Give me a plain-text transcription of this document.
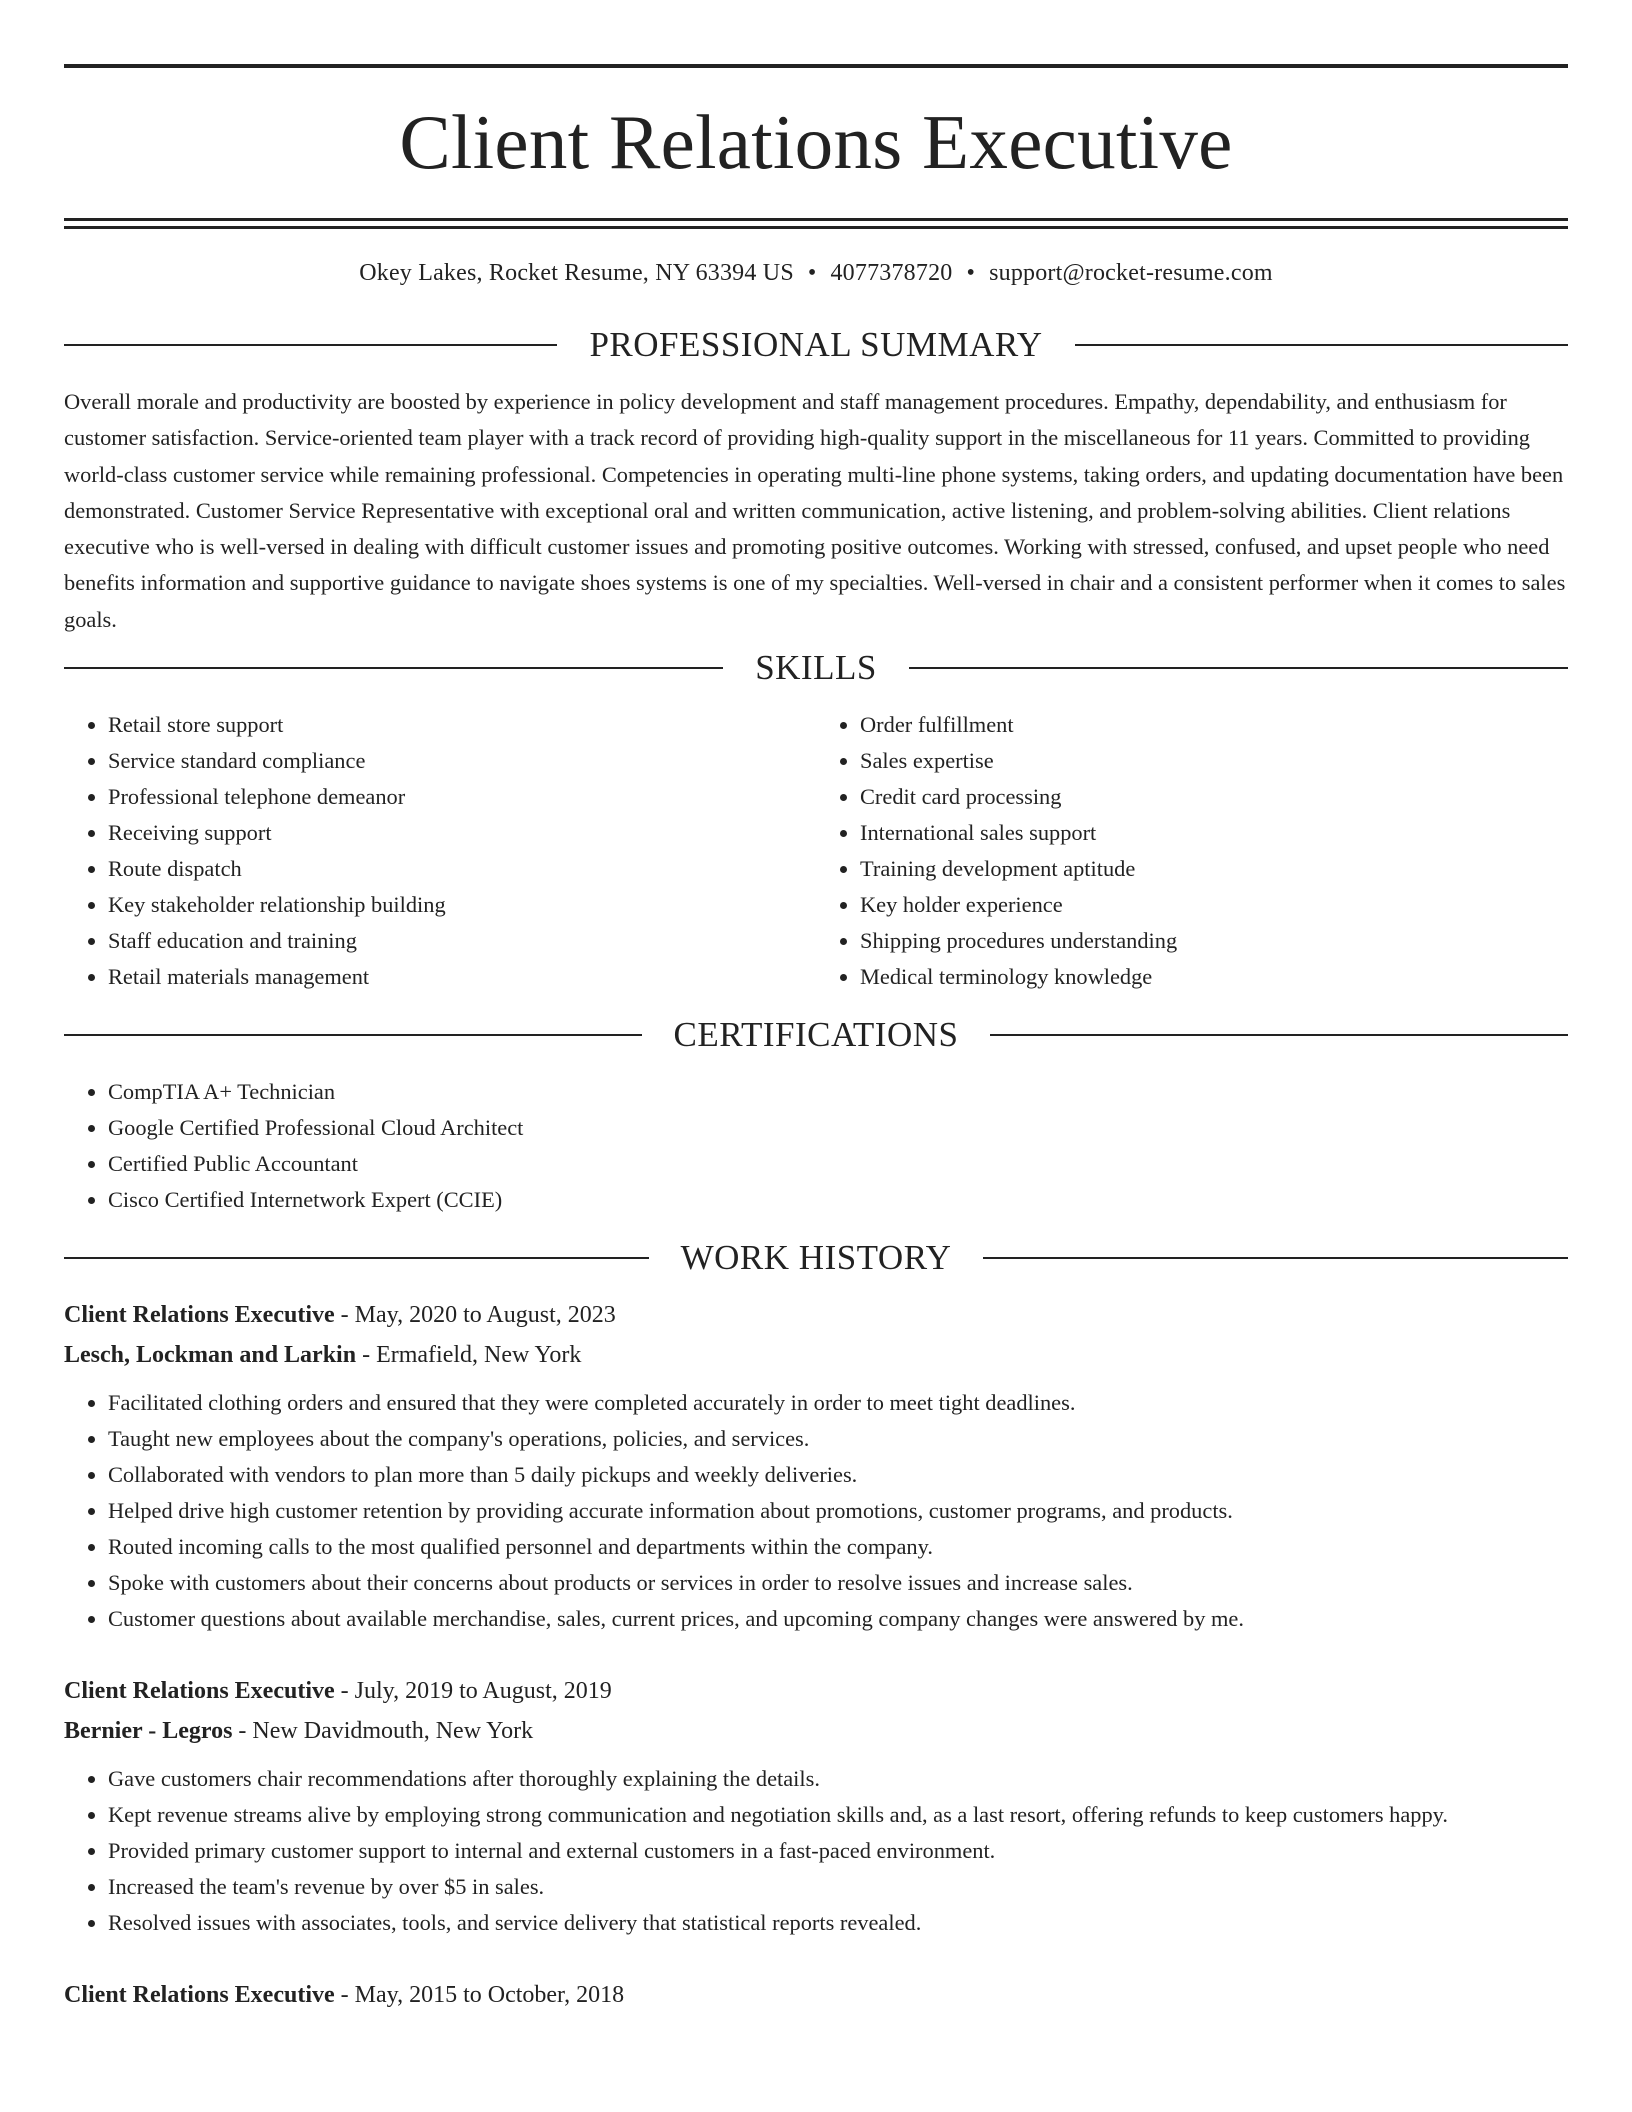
Client Relations Executive
Okey Lakes, Rocket Resume, NY 63394 US • 4077378720 • support@rocket-resume.com
PROFESSIONAL SUMMARY

Overall morale and productivity are boosted by experience in policy development and staff management procedures. Empathy, dependability, and enthusiasm for customer satisfaction. Service-oriented team player with a track record of providing high-quality support in the miscellaneous for 11 years. Committed to providing world-class customer service while remaining professional. Competencies in operating multi-line phone systems, taking orders, and updating documentation have been demonstrated. Customer Service Representative with exceptional oral and written communication, active listening, and problem-solving abilities. Client relations executive who is well-versed in dealing with difficult customer issues and promoting positive outcomes. Working with stressed, confused, and upset people who need benefits information and supportive guidance to navigate shoes systems is one of my specialties. Well-versed in chair and a consistent performer when it comes to sales goals.

SKILLS
• Retail store support
• Service standard compliance
• Professional telephone demeanor
• Receiving support
• Route dispatch
• Key stakeholder relationship building
• Staff education and training
• Retail materials management
• Order fulfillment
• Sales expertise
• Credit card processing
• International sales support
• Training development aptitude
• Key holder experience
• Shipping procedures understanding
• Medical terminology knowledge
CERTIFICATIONS
• CompTIA A+ Technician
• Google Certified Professional Cloud Architect
• Certified Public Accountant
• Cisco Certified Internetwork Expert (CCIE)
WORK HISTORY
Client Relations Executive - May, 2020 to August, 2023
Lesch, Lockman and Larkin - Ermafield, New York
• Facilitated clothing orders and ensured that they were completed accurately in order to meet tight deadlines.
• Taught new employees about the company's operations, policies, and services.
• Collaborated with vendors to plan more than 5 daily pickups and weekly deliveries.
• Helped drive high customer retention by providing accurate information about promotions, customer programs, and products.
• Routed incoming calls to the most qualified personnel and departments within the company.
• Spoke with customers about their concerns about products or services in order to resolve issues and increase sales.
• Customer questions about available merchandise, sales, current prices, and upcoming company changes were answered by me.
Client Relations Executive - July, 2019 to August, 2019
Bernier - Legros - New Davidmouth, New York
• Gave customers chair recommendations after thoroughly explaining the details.
• Kept revenue streams alive by employing strong communication and negotiation skills and, as a last resort, offering refunds to keep customers happy.
• Provided primary customer support to internal and external customers in a fast-paced environment.
• Increased the team's revenue by over $5 in sales.
• Resolved issues with associates, tools, and service delivery that statistical reports revealed.
Client Relations Executive - May, 2015 to October, 2018
